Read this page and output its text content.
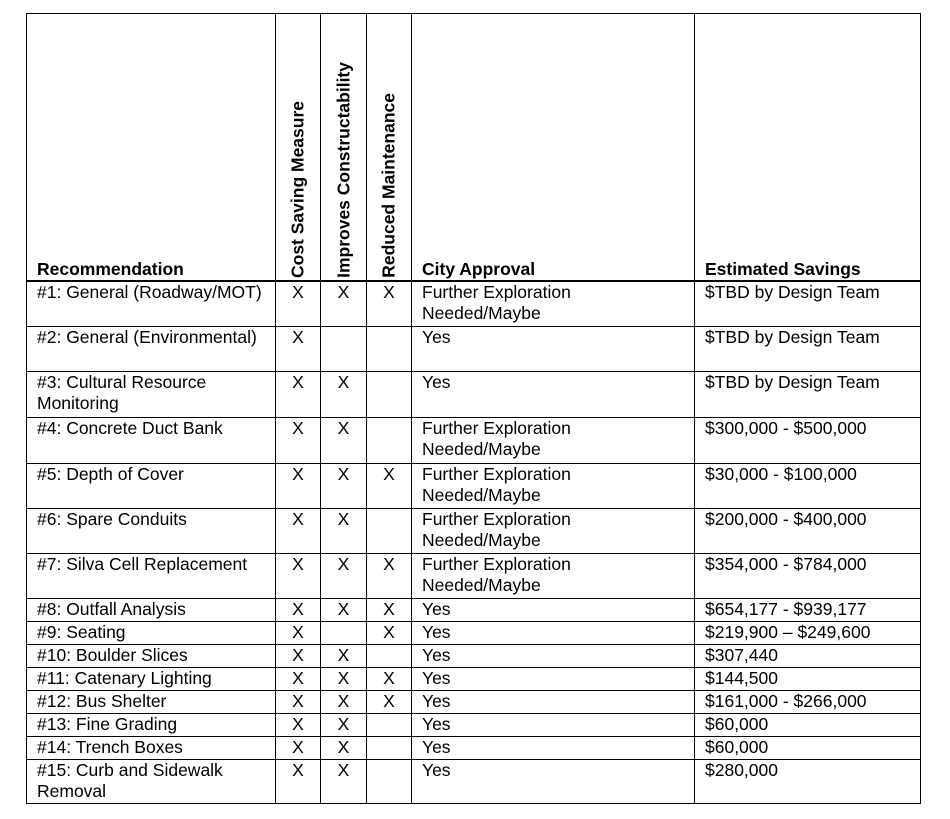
Recommendation	Cost Saving Measure	Improves Constructability	Reduced Maintenance	City Approval	Estimated Savings
#1: General (Roadway/MOT)	X	X	X	Further Exploration Needed/Maybe	$TBD by Design Team
#2: General (Environmental)	X			Yes	$TBD by Design Team
#3: Cultural Resource Monitoring	X	X		Yes	$TBD by Design Team
#4: Concrete Duct Bank	X	X		Further Exploration Needed/Maybe	$300,000 - $500,000
#5: Depth of Cover	X	X	X	Further Exploration Needed/Maybe	$30,000 - $100,000
#6: Spare Conduits	X	X		Further Exploration Needed/Maybe	$200,000 - $400,000
#7: Silva Cell Replacement	X	X	X	Further Exploration Needed/Maybe	$354,000 - $784,000
#8: Outfall Analysis	X	X	X	Yes	$654,177 - $939,177
#9: Seating	X		X	Yes	$219,900 – $249,600
#10: Boulder Slices	X	X		Yes	$307,440
#11: Catenary Lighting	X	X	X	Yes	$144,500
#12: Bus Shelter	X	X	X	Yes	$161,000 - $266,000
#13: Fine Grading	X	X		Yes	$60,000
#14: Trench Boxes	X	X		Yes	$60,000
#15: Curb and Sidewalk Removal	X	X		Yes	$280,000
